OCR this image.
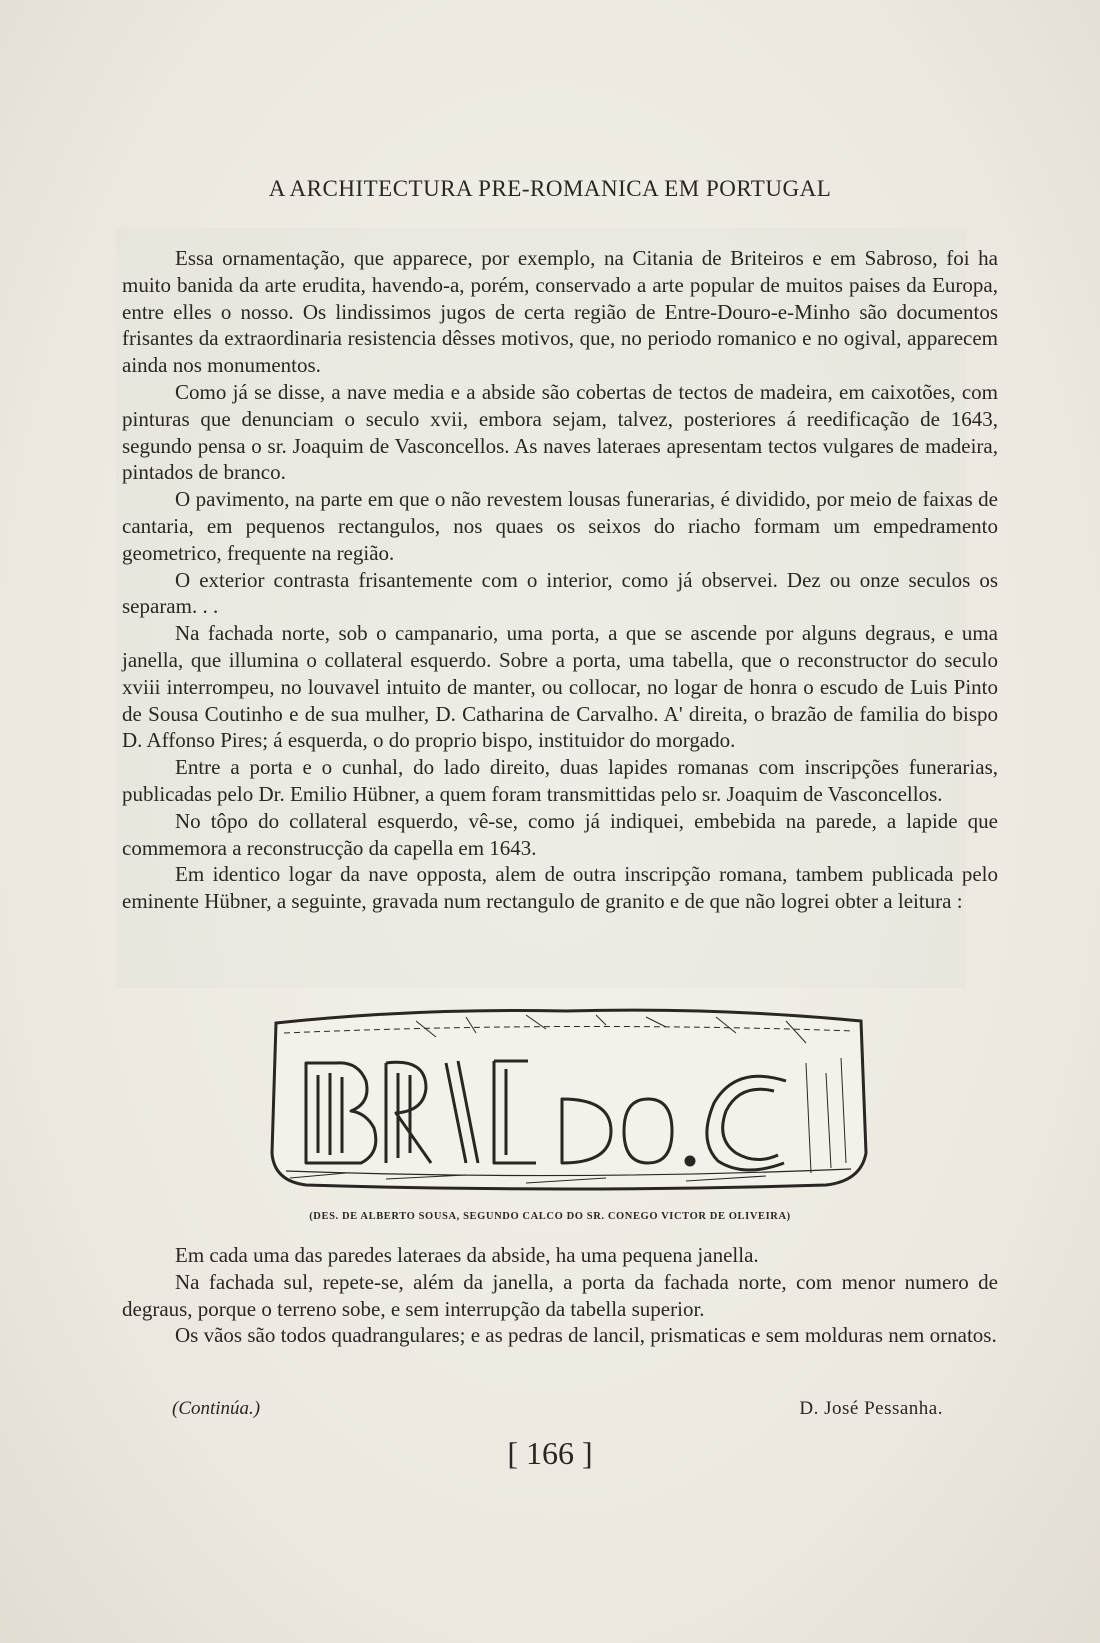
A ARCHITECTURA PRE-ROMANICA EM PORTUGAL

Essa ornamentação, que apparece, por exemplo, na Citania de Briteiros e em Sabroso, foi ha muito banida da arte erudita, havendo-a, porém, conservado a arte popular de muitos paises da Europa, entre elles o nosso. Os lindissimos jugos de certa região de Entre-Douro-e-Minho são documentos frisantes da extraordinaria resistencia dêsses motivos, que, no periodo romanico e no ogival, apparecem ainda nos monumentos.

Como já se disse, a nave media e a abside são cobertas de tectos de madeira, em caixotões, com pinturas que denunciam o seculo xvii, embora sejam, talvez, posteriores á reedificação de 1643, segundo pensa o sr. Joaquim de Vasconcellos. As naves lateraes apresentam tectos vulgares de madeira, pintados de branco.

O pavimento, na parte em que o não revestem lousas funerarias, é dividido, por meio de faixas de cantaria, em pequenos rectangulos, nos quaes os seixos do riacho formam um empedramento geometrico, frequente na região.

O exterior contrasta frisantemente com o interior, como já observei. Dez ou onze seculos os separam. . .

Na fachada norte, sob o campanario, uma porta, a que se ascende por alguns degraus, e uma janella, que illumina o collateral esquerdo. Sobre a porta, uma tabella, que o reconstructor do seculo xviii interrompeu, no louvavel intuito de manter, ou collocar, no logar de honra o escudo de Luis Pinto de Sousa Coutinho e de sua mulher, D. Catharina de Carvalho. A' direita, o brazão de familia do bispo D. Affonso Pires; á esquerda, o do proprio bispo, instituidor do morgado.

Entre a porta e o cunhal, do lado direito, duas lapides romanas com inscripções funerarias, publicadas pelo Dr. Emilio Hübner, a quem foram transmittidas pelo sr. Joaquim de Vasconcellos.

No tôpo do collateral esquerdo, vê-se, como já indiquei, embebida na parede, a lapide que commemora a reconstrucção da capella em 1643.

Em identico logar da nave opposta, alem de outra inscripção romana, tambem publicada pelo eminente Hübner, a seguinte, gravada num rectangulo de granito e de que não logrei obter a leitura :

(DES. DE ALBERTO SOUSA, SEGUNDO CALCO DO SR. CONEGO VICTOR DE OLIVEIRA)

Em cada uma das paredes lateraes da abside, ha uma pequena janella.

Na fachada sul, repete-se, além da janella, a porta da fachada norte, com menor numero de degraus, porque o terreno sobe, e sem interrupção da tabella superior.

Os vãos são todos quadrangulares; e as pedras de lancil, prismaticas e sem molduras nem ornatos.

(Continúa.)	D. José Pessanha.
[ 166 ]
